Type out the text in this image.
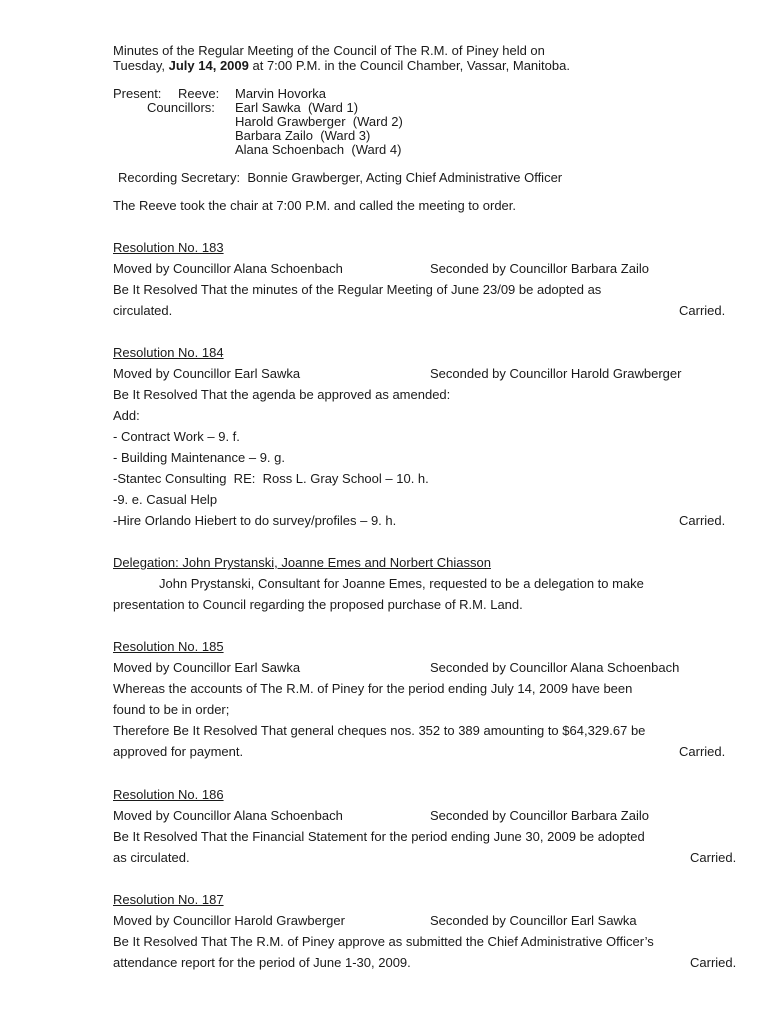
Minutes of the Regular Meeting of the Council of The R.M. of Piney held on
Tuesday, July 14, 2009 at 7:00 P.M. in the Council Chamber, Vassar, Manitoba.
Present: Reeve: Marvin Hovorka
Councillors: Earl Sawka  (Ward 1)
Harold Grawberger  (Ward 2)
Barbara Zailo  (Ward 3)
Alana Schoenbach  (Ward 4)
Recording Secretary:  Bonnie Grawberger, Acting Chief Administrative Officer
The Reeve took the chair at 7:00 P.M. and called the meeting to order.
Resolution No. 183
Moved by Councillor Alana Schoenbach	Seconded by Councillor Barbara Zailo
Be It Resolved That the minutes of the Regular Meeting of June 23/09 be adopted as
circulated.	Carried.
Resolution No. 184
Moved by Councillor Earl Sawka	Seconded by Councillor Harold Grawberger
Be It Resolved That the agenda be approved as amended:
Add:
- Contract Work – 9. f.
- Building Maintenance – 9. g.
-Stantec Consulting  RE:  Ross L. Gray School – 10. h.
-9. e. Casual Help
-Hire Orlando Hiebert to do survey/profiles – 9. h.	Carried.
Delegation: John Prystanski, Joanne Emes and Norbert Chiasson
John Prystanski, Consultant for Joanne Emes, requested to be a delegation to make
presentation to Council regarding the proposed purchase of R.M. Land.
Resolution No. 185
Moved by Councillor Earl Sawka	Seconded by Councillor Alana Schoenbach
Whereas the accounts of The R.M. of Piney for the period ending July 14, 2009 have been
found to be in order;
Therefore Be It Resolved That general cheques nos. 352 to 389 amounting to $64,329.67 be
approved for payment.	Carried.
Resolution No. 186
Moved by Councillor Alana Schoenbach	Seconded by Councillor Barbara Zailo
Be It Resolved That the Financial Statement for the period ending June 30, 2009 be adopted
as circulated.	Carried.
Resolution No. 187
Moved by Councillor Harold Grawberger	Seconded by Councillor Earl Sawka
Be It Resolved That The R.M. of Piney approve as submitted the Chief Administrative Officer’s
attendance report for the period of June 1-30, 2009.	Carried.
